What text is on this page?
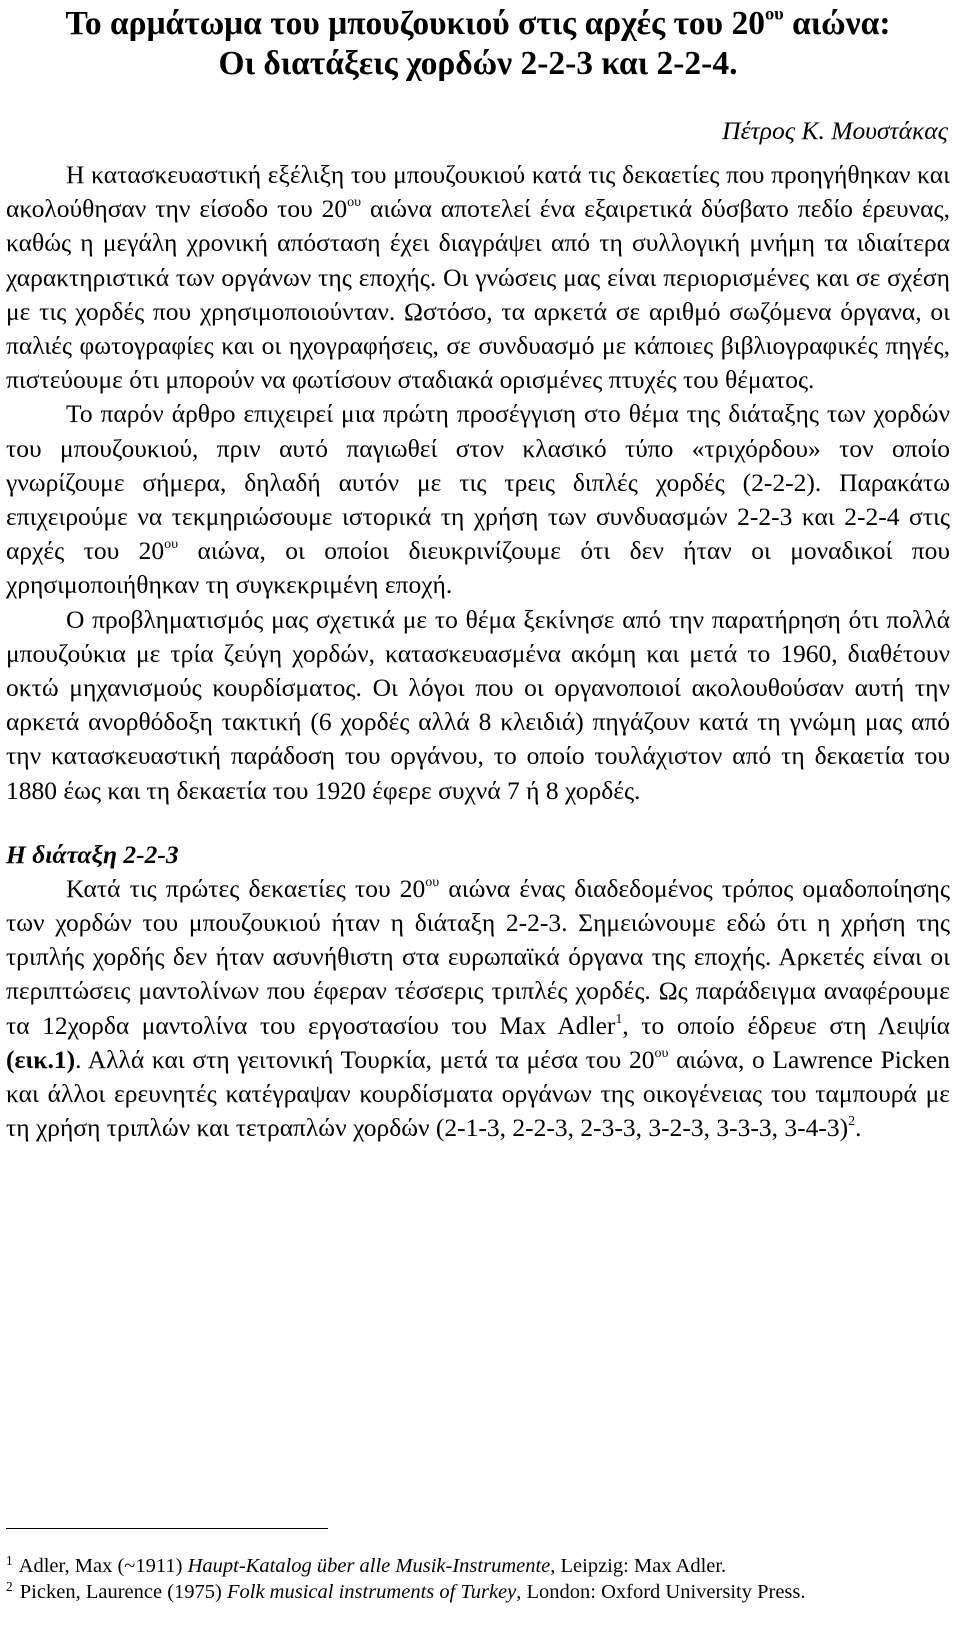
Το αρμάτωμα του μπουζουκιού στις αρχές του $20^{o\upsilon}$ αιώνα:
Οι διατάξεις χορδών 2-2-3 και 2-2-4.
Πέτρος Κ. Μουστάκας

Η κατασκευαστική εξέλιξη του μπουζουκιού κατά τις δεκαετίες που προηγήθηκαν και ακολούθησαν την είσοδο του $20^{o\upsilon}$ αιώνα αποτελεί ένα εξαιρετικά δύσβατο πεδίο έρευνας, καθώς η μεγάλη χρονική απόσταση έχει διαγράψει από τη συλλογική μνήμη τα ιδιαίτερα χαρακτηριστικά των οργάνων της εποχής. Οι γνώσεις μας είναι περιορισμένες και σε σχέση με τις χορδές που χρησιμοποιούνταν. Ωστόσο, τα αρκετά σε αριθμό σωζόμενα όργανα, οι παλιές φωτογραφίες και οι ηχογραφήσεις, σε συνδυασμό με κάποιες βιβλιογραφικές πηγές, πιστεύουμε ότι μπορούν να φωτίσουν σταδιακά ορισμένες πτυχές του θέματος.

Το παρόν άρθρο επιχειρεί μια πρώτη προσέγγιση στο θέμα της διάταξης των χορδών του μπουζουκιού, πριν αυτό παγιωθεί στον κλασικό τύπο «τριχόρδου» τον οποίο γνωρίζουμε σήμερα, δηλαδή αυτόν με τις τρεις διπλές χορδές (2-2-2). Παρακάτω επιχειρούμε να τεκμηριώσουμε ιστορικά τη χρήση των συνδυασμών 2-2-3 και 2-2-4 στις αρχές του $20^{o\upsilon}$ αιώνα, οι οποίοι διευκρινίζουμε ότι δεν ήταν οι μοναδικοί που χρησιμοποιήθηκαν τη συγκεκριμένη εποχή.

Ο προβληματισμός μας σχετικά με το θέμα ξεκίνησε από την παρατήρηση ότι πολλά μπουζούκια με τρία ζεύγη χορδών, κατασκευασμένα ακόμη και μετά το 1960, διαθέτουν οκτώ μηχανισμούς κουρδίσματος. Οι λόγοι που οι οργανοποιοί ακολουθούσαν αυτή την αρκετά ανορθόδοξη τακτική (6 χορδές αλλά 8 κλειδιά) πηγάζουν κατά τη γνώμη μας από την κατασκευαστική παράδοση του οργάνου, το οποίο τουλάχιστον από τη δεκαετία του 1880 έως και τη δεκαετία του 1920 έφερε συχνά 7 ή 8 χορδές.

Η διάταξη 2-2-3

Κατά τις πρώτες δεκαετίες του $20^{o\upsilon}$ αιώνα ένας διαδεδομένος τρόπος ομαδοποίησης των χορδών του μπουζουκιού ήταν η διάταξη 2-2-3. Σημειώνουμε εδώ ότι η χρήση της τριπλής χορδής δεν ήταν ασυνήθιστη στα ευρωπαϊκά όργανα της εποχής. Αρκετές είναι οι περιπτώσεις μαντολίνων που έφεραν τέσσερις τριπλές χορδές. Ως παράδειγμα αναφέρουμε τα 12χορδα μαντολίνα του εργοστασίου του Max Adler$^1$, το οποίο έδρευε στη Λειψία (εικ.1). Αλλά και στη γειτονική Τουρκία, μετά τα μέσα του $20^{o\upsilon}$ αιώνα, ο Lawrence Picken και άλλοι ερευνητές κατέγραψαν κουρδίσματα οργάνων της οικογένειας του ταμπουρά με τη χρήση τριπλών και τετραπλών χορδών (2-1-3, 2-2-3, 2-3-3, 3-2-3, 3-3-3, 3-4-3)$^2$.

$^1$ Adler, Max (~1911) Haupt-Katalog über alle Musik-Instrumente, Leipzig: Max Adler.
$^2$ Picken, Laurence (1975) Folk musical instruments of Turkey, London: Oxford University Press.
